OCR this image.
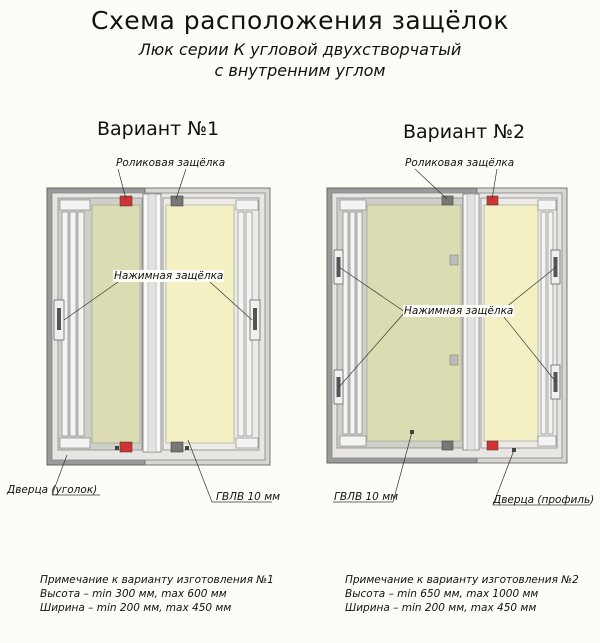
Схема расположения защёлок
Люк серии К угловой двухстворчатый
с внутренним углом
Вариант №1	Вариант №2
Роликовая защёлка
Нажимная защёлка
Дверца (уголок)
ГВЛВ 10 мм
Роликовая защёлка
Нажимная защёлка
ГВЛВ 10 мм	Дверца (профиль)
Примечание к варианту изготовления №1
Высота – min 300 мм, max 600 мм
Ширина – min 200 мм, max 450 мм
Примечание к варианту изготовления №2
Высота – min 650 мм, max 1000 мм
Ширина – min 200 мм, max 450 мм
